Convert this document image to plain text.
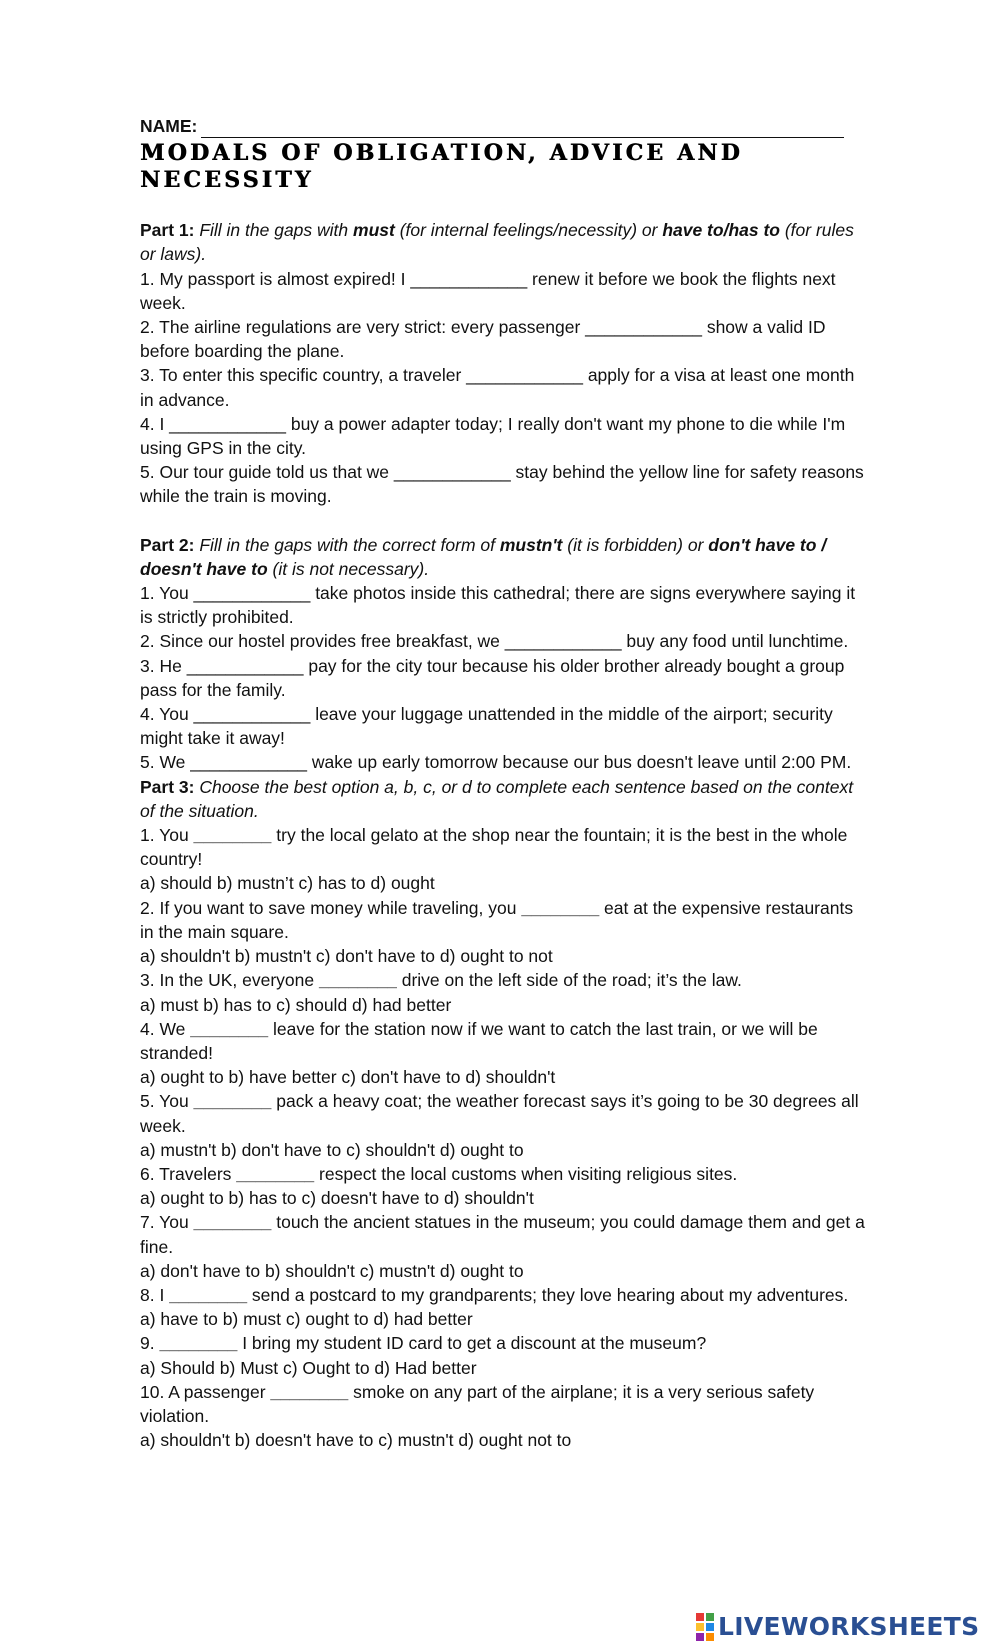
NAME:
MODALS OF OBLIGATION, ADVICE AND
NECESSITY

Part 1: Fill in the gaps with must (for internal feelings/necessity) or have to/has to (for rules or laws).

1. My passport is almost expired! I ____________ renew it before we book the flights next week.

2. The airline regulations are very strict: every passenger ____________ show a valid ID before boarding the plane.

3. To enter this specific country, a traveler ____________ apply for a visa at least one month in advance.

4. I ____________ buy a power adapter today; I really don't want my phone to die while I'm using GPS in the city.

5. Our tour guide told us that we ____________ stay behind the yellow line for safety reasons while the train is moving.

Part 2: Fill in the gaps with the correct form of mustn't (it is forbidden) or don't have to / doesn't have to (it is not necessary).

1. You ____________ take photos inside this cathedral; there are signs everywhere saying it is strictly prohibited.

2. Since our hostel provides free breakfast, we ____________ buy any food until lunchtime.

3. He ____________ pay for the city tour because his older brother already bought a group pass for the family.

4. You ____________ leave your luggage unattended in the middle of the airport; security might take it away!

5. We ____________ wake up early tomorrow because our bus doesn't leave until 2:00 PM.

Part 3: Choose the best option a, b, c, or d to complete each sentence based on the context of the situation.

1. You ________ try the local gelato at the shop near the fountain; it is the best in the whole country!

a) should b) mustn’t c) has to d) ought

2. If you want to save money while traveling, you ________ eat at the expensive restaurants in the main square.

a) shouldn't b) mustn't c) don't have to d) ought to not

3. In the UK, everyone ________ drive on the left side of the road; it’s the law.

a) must b) has to c) should d) had better

4. We ________ leave for the station now if we want to catch the last train, or we will be stranded!

a) ought to b) have better c) don't have to d) shouldn't

5. You ________ pack a heavy coat; the weather forecast says it’s going to be 30 degrees all week.

a) mustn't b) don't have to c) shouldn't d) ought to

6. Travelers ________ respect the local customs when visiting religious sites.

a) ought to b) has to c) doesn't have to d) shouldn't

7. You ________ touch the ancient statues in the museum; you could damage them and get a fine.

a) don't have to b) shouldn't c) mustn't d) ought to

8. I ________ send a postcard to my grandparents; they love hearing about my adventures.

a) have to b) must c) ought to d) had better

9. ________ I bring my student ID card to get a discount at the museum?

a) Should b) Must c) Ought to d) Had better

10. A passenger ________ smoke on any part of the airplane; it is a very serious safety violation.

a) shouldn't b) doesn't have to c) mustn't d) ought not to

LIVEWORKSHEETS
